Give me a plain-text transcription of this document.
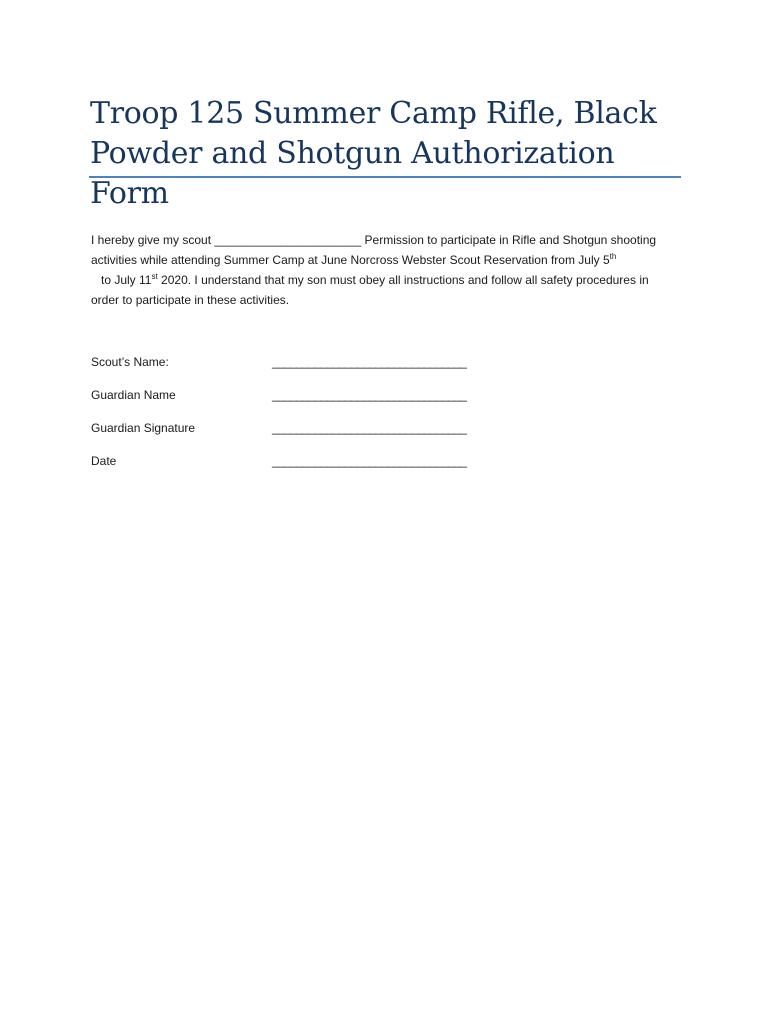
Troop 125 Summer Camp Rifle, Black
Powder and Shotgun Authorization Form

I hereby give my scout ______________________ Permission to participate in Rifle and Shotgun shooting activities while attending Summer Camp at June Norcross Webster Scout Reservation from July 5th   to July 11st 2020. I understand that my son must obey all instructions and follow all safety procedures in order to participate in these activities.

Scout’s Name:	________________________________
Guardian Name	________________________________
Guardian Signature	________________________________
Date	________________________________
